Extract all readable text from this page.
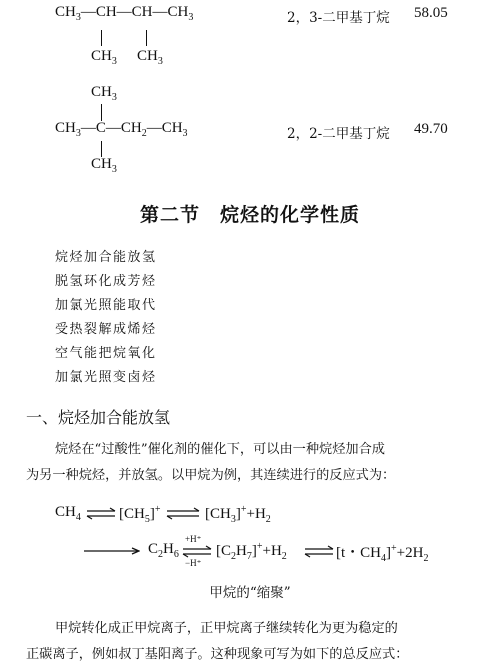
$CH_3—CH—CH—CH_3$
$CH_3$ $CH_3$
2，3-二甲基丁烷 58.05
$CH_3$
$CH_3—C—CH_2—CH_3$
$CH_3$
2，2-二甲基丁烷 49.70
第二节　烷烃的化学性质
烷烃加合能放氢
脱氢环化成芳烃
加氯光照能取代
受热裂解成烯烃
空气能把烷氧化
加氯光照变卤烃
一、烷烃加合能放氢
烷烃在“过酸性”催化剂的催化下，可以由一种烷烃加合成
为另一种烷烃，并放氢。以甲烷为例，其连续进行的反应式为：
$CH_4$ ⇌ $[CH_5]^+$ ⇌ $[CH_3]^++H_2$
$C_2H_6$
+H⁺
−H⁺
$[C_2H_7]^++H_2$ ⇌ [t・$CH_4]^++2H_2$
甲烷的“缩聚”
甲烷转化成正甲烷离子，正甲烷离子继续转化为更为稳定的
正碳离子，例如叔丁基阳离子。这种现象可写为如下的总反应式：
